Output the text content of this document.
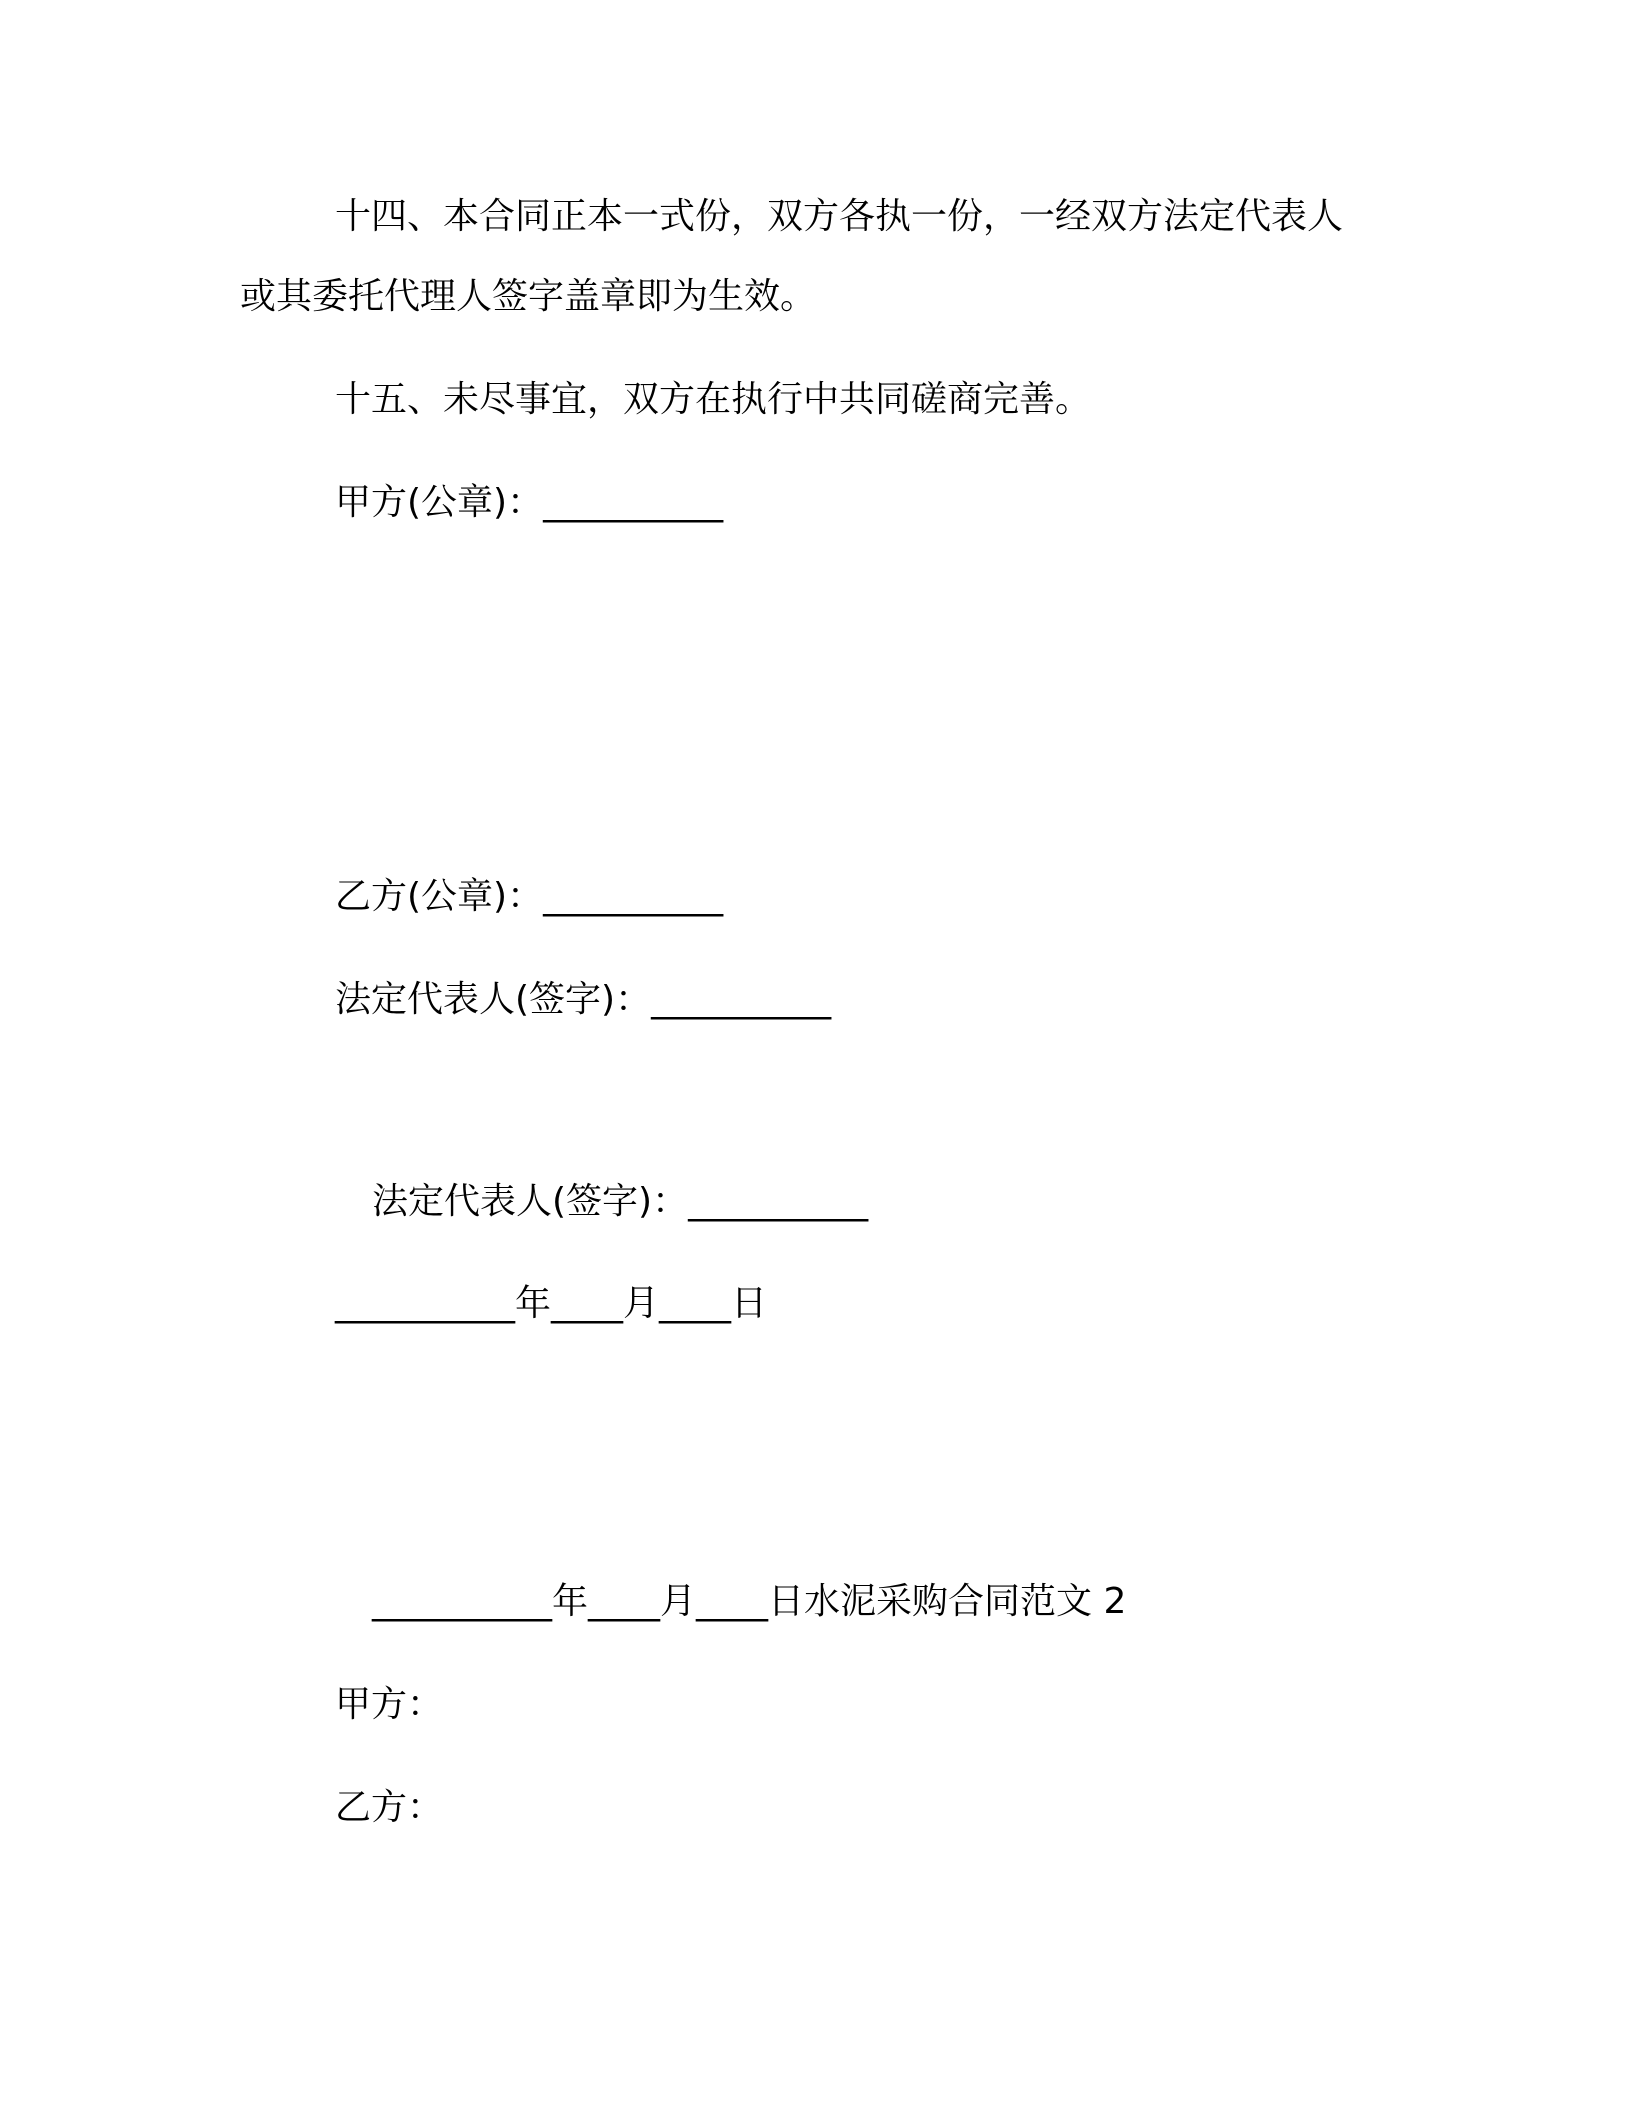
十四、本合同正本一式份，双方各执一份，一经双方法定代表人
或其委托代理人签字盖章即为生效。
十五、未尽事宜，双方在执行中共同磋商完善。
甲方(公章)：__________
乙方(公章)：__________
法定代表人(签字)：__________
法定代表人(签字)：__________
__________年____月____日
__________年____月____日水泥采购合同范文 2
甲方：
乙方：
